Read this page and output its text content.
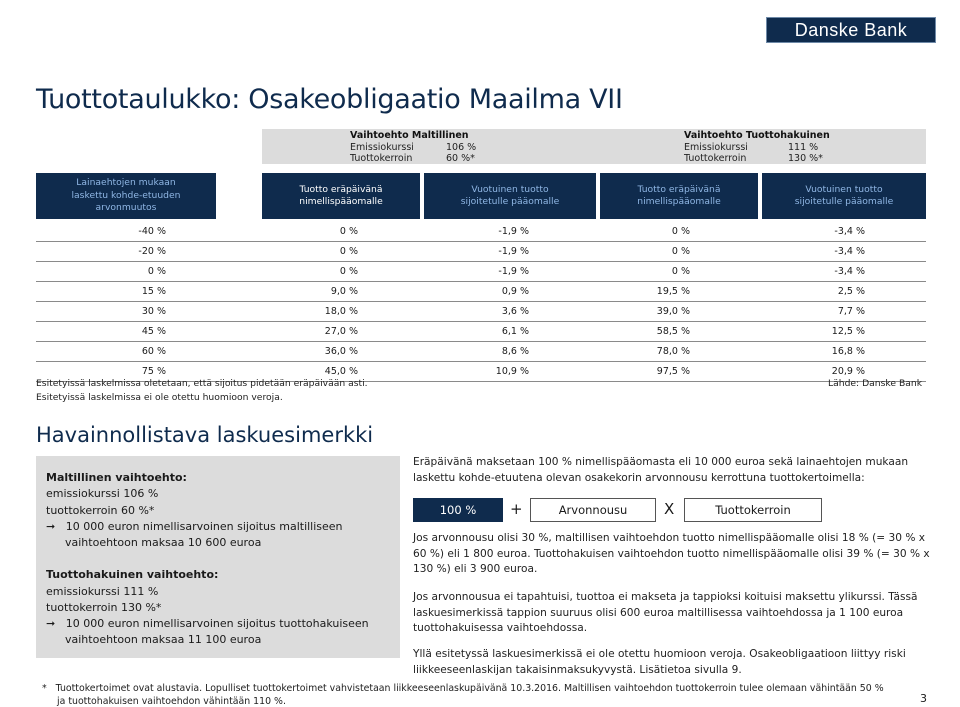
Danske Bank
Tuottotaulukko: Osakeobligaatio Maailma VII
Vaihtoehto Maltillinen
Emissiokurssi	106 %
Tuottokerroin	60 %*
Vaihtoehto Tuottohakuinen
Emissiokurssi	111 %
Tuottokerroin	130 %*
Lainaehtojen mukaan laskettu kohde-etuuden arvonmuutos
Tuotto eräpäivänä nimellispääomalle
Vuotuinen tuotto sijoitetulle pääomalle
Tuotto eräpäivänä nimellispääomalle
Vuotuinen tuotto sijoitetulle pääomalle
-40 %	0 %	-1,9 %	0 %	-3,4 %
-20 %	0 %	-1,9 %	0 %	-3,4 %
0 %	0 %	-1,9 %	0 %	-3,4 %
15 %	9,0 %	0,9 %	19,5 %	2,5 %
30 %	18,0 %	3,6 %	39,0 %	7,7 %
45 %	27,0 %	6,1 %	58,5 %	12,5 %
60 %	36,0 %	8,6 %	78,0 %	16,8 %
75 %	45,0 %	10,9 %	97,5 %	20,9 %
Esitetyissä laskelmissa oletetaan, että sijoitus pidetään eräpäivään asti.
Esitetyissä laskelmissa ei ole otettu huomioon veroja.
Lähde: Danske Bank
Havainnollistava laskuesimerkki
Maltillinen vaihtoehto:
emissiokurssi 106 %
tuottokerroin 60 %*
➞ 10 000 euron nimellisarvoinen sijoitus maltilliseen vaihtoehtoon maksaa 10 600 euroa
Tuottohakuinen vaihtoehto:
emissiokurssi 111 %
tuottokerroin 130 %*
➞ 10 000 euron nimellisarvoinen sijoitus tuottohakuiseen vaihtoehtoon maksaa 11 100 euroa
Eräpäivänä maksetaan 100 % nimellispääomasta eli 10 000 euroa sekä lainaehtojen mukaan laskettu kohde-etuutena olevan osakekorin arvonnousu kerrottuna tuottokertoimella:
100 %	+	Arvonnousu	X	Tuottokerroin
Jos arvonnousu olisi 30 %, maltillisen vaihtoehdon tuotto nimellispääomalle olisi 18 % (= 30 % x 60 %) eli 1 800 euroa. Tuottohakuisen vaihtoehdon tuotto nimellispääomalle olisi 39 % (= 30 % x 130 %) eli 3 900 euroa.
Jos arvonnousua ei tapahtuisi, tuottoa ei makseta ja tappioksi koituisi maksettu ylikurssi. Tässä laskuesimerkissä tappion suuruus olisi 600 euroa maltillisessa vaihtoehdossa ja 1 100 euroa tuottohakuisessa vaihtoehdossa.
Yllä esitetyssä laskuesimerkissä ei ole otettu huomioon veroja. Osakeobligaatioon liittyy riski liikkeeseenlaskijan takaisinmaksukyvystä. Lisätietoa sivulla 9.
* Tuottokertoimet ovat alustavia. Lopulliset tuottokertoimet vahvistetaan liikkeeseenlaskupäivänä 10.3.2016. Maltillisen vaihtoehdon tuottokerroin tulee olemaan vähintään 50 %
ja tuottohakuisen vaihtoehdon vähintään 110 %.	3
